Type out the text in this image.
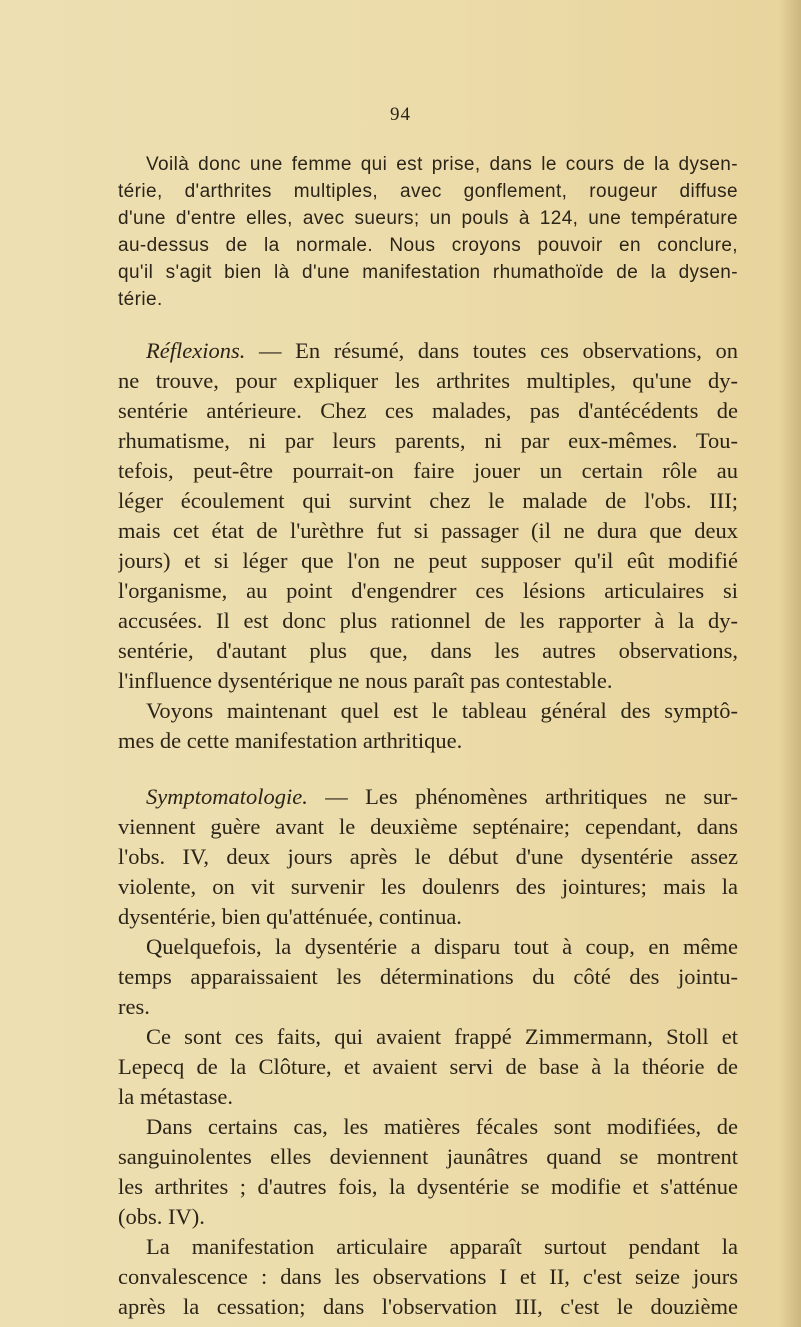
94
Voilà donc une femme qui est prise, dans le cours de la dysen-
térie, d'arthrites multiples, avec gonflement, rougeur diffuse
d'une d'entre elles, avec sueurs; un pouls à 124, une température
au-dessus de la normale. Nous croyons pouvoir en conclure,
qu'il s'agit bien là d'une manifestation rhumathoïde de la dysen-
térie.
Réflexions. — En résumé, dans toutes ces observations, on
ne trouve, pour expliquer les arthrites multiples, qu'une dy-
sentérie antérieure. Chez ces malades, pas d'antécédents de
rhumatisme, ni par leurs parents, ni par eux-mêmes. Tou-
tefois, peut-être pourrait-on faire jouer un certain rôle au
léger écoulement qui survint chez le malade de l'obs. III;
mais cet état de l'urèthre fut si passager (il ne dura que deux
jours) et si léger que l'on ne peut supposer qu'il eût modifié
l'organisme, au point d'engendrer ces lésions articulaires si
accusées. Il est donc plus rationnel de les rapporter à la dy-
sentérie, d'autant plus que, dans les autres observations,
l'influence dysentérique ne nous paraît pas contestable.
Voyons maintenant quel est le tableau général des symptô-
mes de cette manifestation arthritique.
Symptomatologie. — Les phénomènes arthritiques ne sur-
viennent guère avant le deuxième septénaire; cependant, dans
l'obs. IV, deux jours après le début d'une dysentérie assez
violente, on vit survenir les doulenrs des jointures; mais la
dysentérie, bien qu'atténuée, continua.
Quelquefois, la dysentérie a disparu tout à coup, en même
temps apparaissaient les déterminations du côté des jointu-
res.
Ce sont ces faits, qui avaient frappé Zimmermann, Stoll et
Lepecq de la Clôture, et avaient servi de base à la théorie de
la métastase.
Dans certains cas, les matières fécales sont modifiées, de
sanguinolentes elles deviennent jaunâtres quand se montrent
les arthrites ; d'autres fois, la dysentérie se modifie et s'atténue
(obs. IV).
La manifestation articulaire apparaît surtout pendant la
convalescence : dans les observations I et II, c'est seize jours
après la cessation; dans l'observation III, c'est le douzième
